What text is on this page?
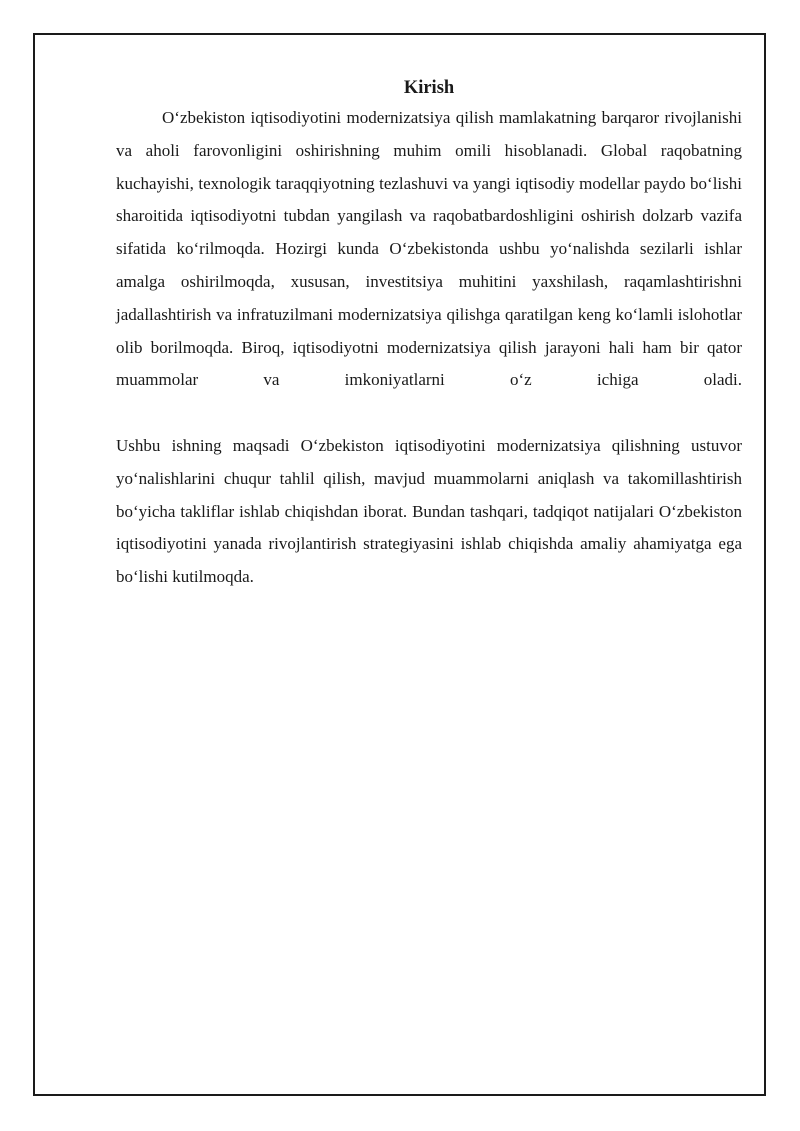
Kirish

O‘zbekiston iqtisodiyotini modernizatsiya qilish mamlakatning barqaror rivojlanishi va aholi farovonligini oshirishning muhim omili hisoblanadi. Global raqobatning kuchayishi, texnologik taraqqiyotning tezlashuvi va yangi iqtisodiy modellar paydo bo‘lishi sharoitida iqtisodiyotni tubdan yangilash va raqobatbardoshligini oshirish dolzarb vazifa sifatida ko‘rilmoqda. Hozirgi kunda O‘zbekistonda ushbu yo‘nalishda sezilarli ishlar amalga oshirilmoqda, xususan, investitsiya muhitini yaxshilash, raqamlashtirishni jadallashtirish va infratuzilmani modernizatsiya qilishga qaratilgan keng ko‘lamli islohotlar olib borilmoqda. Biroq, iqtisodiyotni modernizatsiya qilish jarayoni hali ham bir qator muammolar va imkoniyatlarni o‘z ichiga oladi.

Ushbu ishning maqsadi O‘zbekiston iqtisodiyotini modernizatsiya qilishning ustuvor yo‘nalishlarini chuqur tahlil qilish, mavjud muammolarni aniqlash va takomillashtirish bo‘yicha takliflar ishlab chiqishdan iborat. Bundan tashqari, tadqiqot natijalari O‘zbekiston iqtisodiyotini yanada rivojlantirish strategiyasini ishlab chiqishda amaliy ahamiyatga ega bo‘lishi kutilmoqda.
